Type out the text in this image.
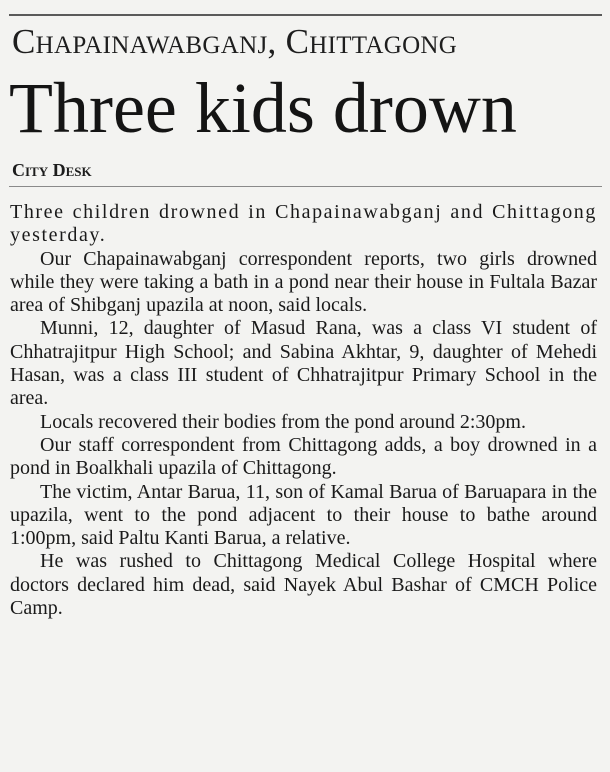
Chapainawabganj, Chittagong
Three kids drown
City Desk

Three children drowned in Chapainawabganj and Chittagong yesterday.

Our Chapainawabganj correspondent reports, two girls drowned while they were taking a bath in a pond near their house in Fultala Bazar area of Shibganj upazila at noon, said locals.

Munni, 12, daughter of Masud Rana, was a class VI student of Chhatrajitpur High School; and Sabina Akhtar, 9, daughter of Mehedi Hasan, was a class III student of Chhatrajitpur Primary School in the area.

Locals recovered their bodies from the pond around 2:30pm.

Our staff correspondent from Chittagong adds, a boy drowned in a pond in Boalkhali upazila of Chittagong.

The victim, Antar Barua, 11, son of Kamal Barua of Baruapara in the upazila, went to the pond adjacent to their house to bathe around 1:00pm, said Paltu Kanti Barua, a relative.

He was rushed to Chittagong Medical College Hospital where doctors declared him dead, said Nayek Abul Bashar of CMCH Police Camp.
